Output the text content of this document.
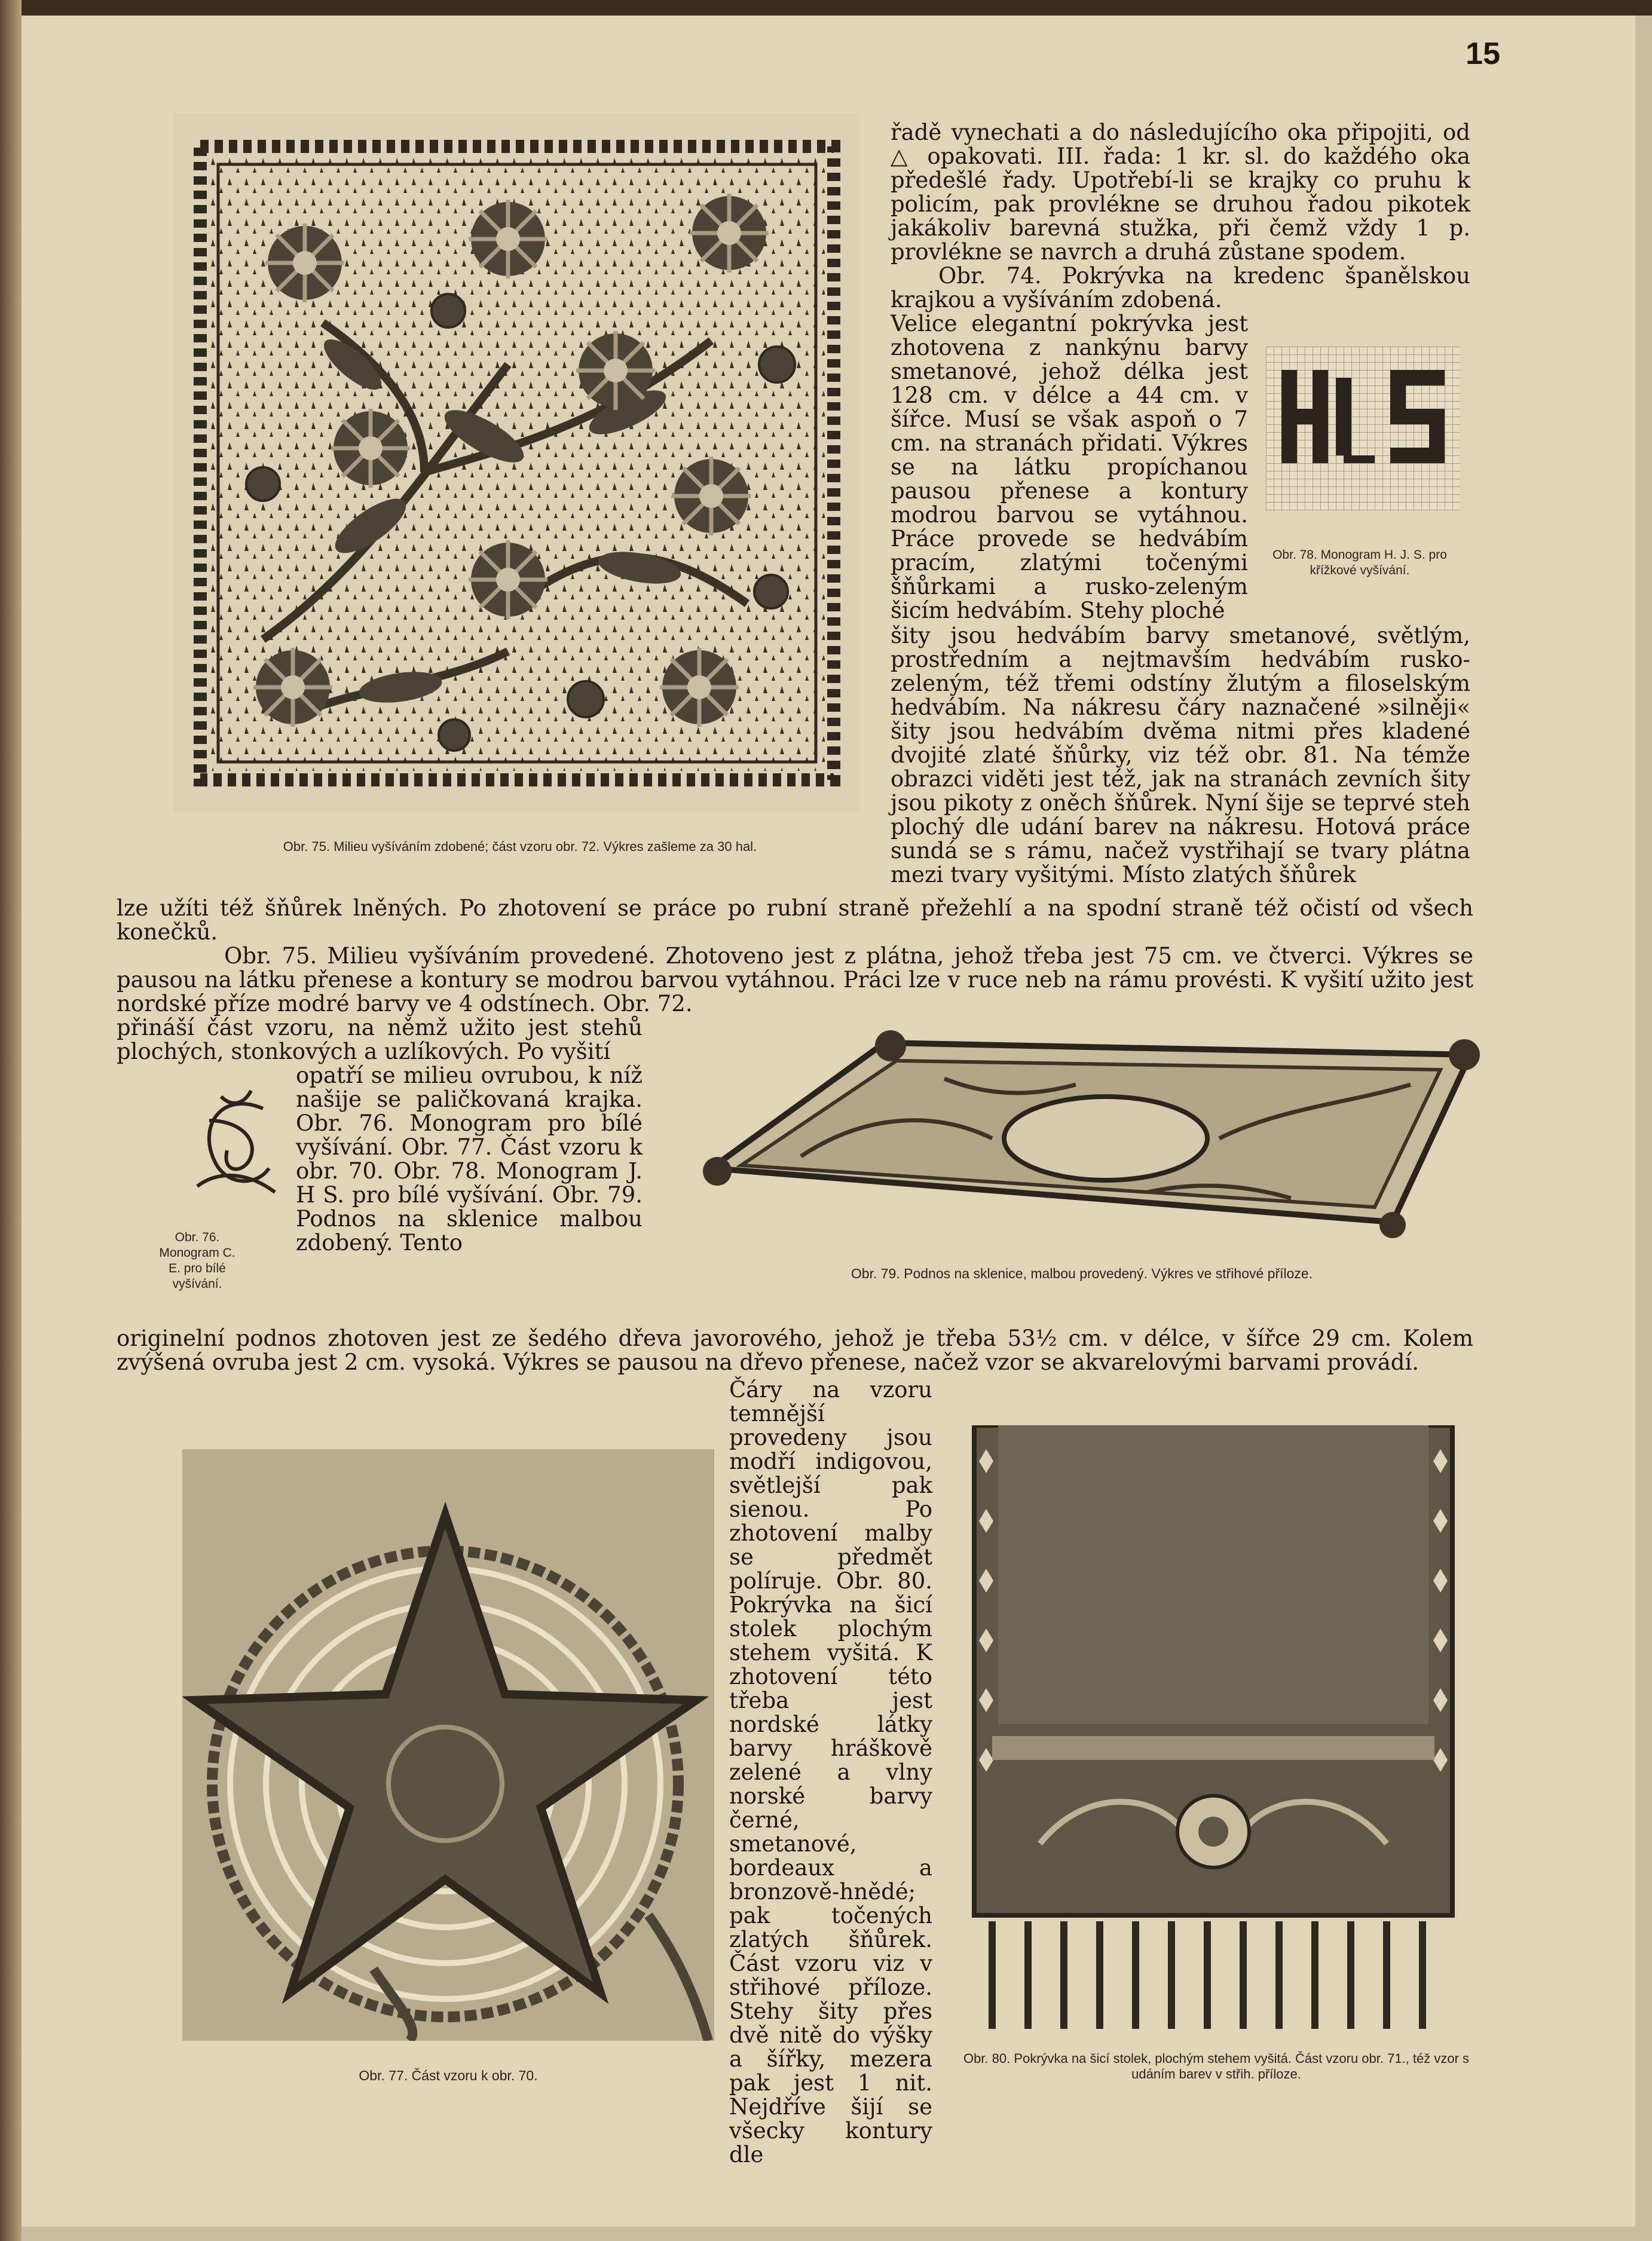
15

Obr. 75. Milieu vyšíváním zdobené; část vzoru obr. 72. Výkres zašleme za 30 hal.

řadě vynechati a do následujícího oka připojiti, od △ opakovati. III. řada: 1 kr. sl. do každého oka předešlé řady. Upotřebí-li se krajky co pruhu k policím, pak provlékne se druhou řadou pikotek jakákoliv barevná stužka, při čemž vždy 1 p. provlékne se navrch a druhá zůstane spodem.

Obr. 74. Pokrývka na kredenc španělskou krajkou a vyšíváním zdobená.

Obr. 78. Monogram H. J. S. pro křížkové vyšívání.

Velice elegantní pokrývka jest zhotovena z nankýnu barvy smetanové, jehož délka jest 128 cm. v délce a 44 cm. v šířce. Musí se však aspoň o 7 cm. na stranách přidati. Výkres se na látku propíchanou pausou přenese a kontury modrou barvou se vytáhnou. Práce provede se hedvábím pracím, zlatými točenými šňůrkami a rusko-zeleným šicím hedvábím. Stehy ploché

šity jsou hedvábím barvy smetanové, světlým, prostředním a nejtmavším hedvábím rusko-zeleným, též třemi odstíny žlutým a filoselským hedvábím. Na nákresu čáry naznačené »silněji« šity jsou hedvábím dvěma nitmi přes kladené dvojité zlaté šňůrky, viz též obr. 81. Na témže obrazci viděti jest též, jak na stranách zevních šity jsou pikoty z oněch šňůrek. Nyní šije se teprvé steh plochý dle udání barev na nákresu. Hotová práce sundá se s rámu, načež vystřihají se tvary plátna mezi tvary vyšitými. Místo zlatých šňůrek

lze užíti též šňůrek lněných. Po zhotovení se práce po rubní straně přežehlí a na spodní straně též očistí od všech konečků.

Obr. 75. Milieu vyšíváním provedené. Zhotoveno jest z plátna, jehož třeba jest 75 cm. ve čtverci. Výkres se pausou na látku přenese a kontury se modrou barvou vytáhnou. Práci lze v ruce neb na rámu provésti. K vyšití užito jest nordské příze modré barvy ve 4 odstínech. Obr. 72.

přináší část vzoru, na němž užito jest stehů plochých, stonkových a uzlíkových. Po vyšití

Obr. 76. Monogram C. E. pro bílé vyšívání.

opatří se milieu ovrubou, k níž našije se paličkovaná krajka. Obr. 76. Monogram pro bílé vyšívání. Obr. 77. Část vzoru k obr. 70. Obr. 78. Monogram J. H S. pro bílé vyšívání. Obr. 79. Podnos na sklenice malbou zdobený. Tento

Obr. 79. Podnos na sklenice, malbou provedený. Výkres ve střihové příloze.

originelní podnos zhotoven jest ze šedého dřeva javorového, jehož je třeba 53½ cm. v délce, v šířce 29 cm. Kolem zvýšená ovruba jest 2 cm. vysoká. Výkres se pausou na dřevo přenese, načež vzor se akvarelovými barvami provádí.

Obr. 77. Část vzoru k obr. 70.

Čáry na vzoru temnější provedeny jsou modří indigovou, světlejší pak sienou. Po zhotovení malby se předmět políruje. Obr. 80. Pokrývka na šicí stolek plochým stehem vyšitá. K zhotovení této třeba jest nordské látky barvy hráškově zelené a vlny norské barvy černé, smetanové, bordeaux a bronzově-hnědé; pak točených zlatých šňůrek. Část vzoru viz v střihové příloze. Stehy šity přes dvě nitě do výšky a šířky, mezera pak jest 1 nit. Nejdříve šijí se všecky kontury dle

Obr. 80. Pokrývka na šicí stolek, plochým stehem vyšitá. Část vzoru obr. 71., též vzor s udáním barev v střih. příloze.
